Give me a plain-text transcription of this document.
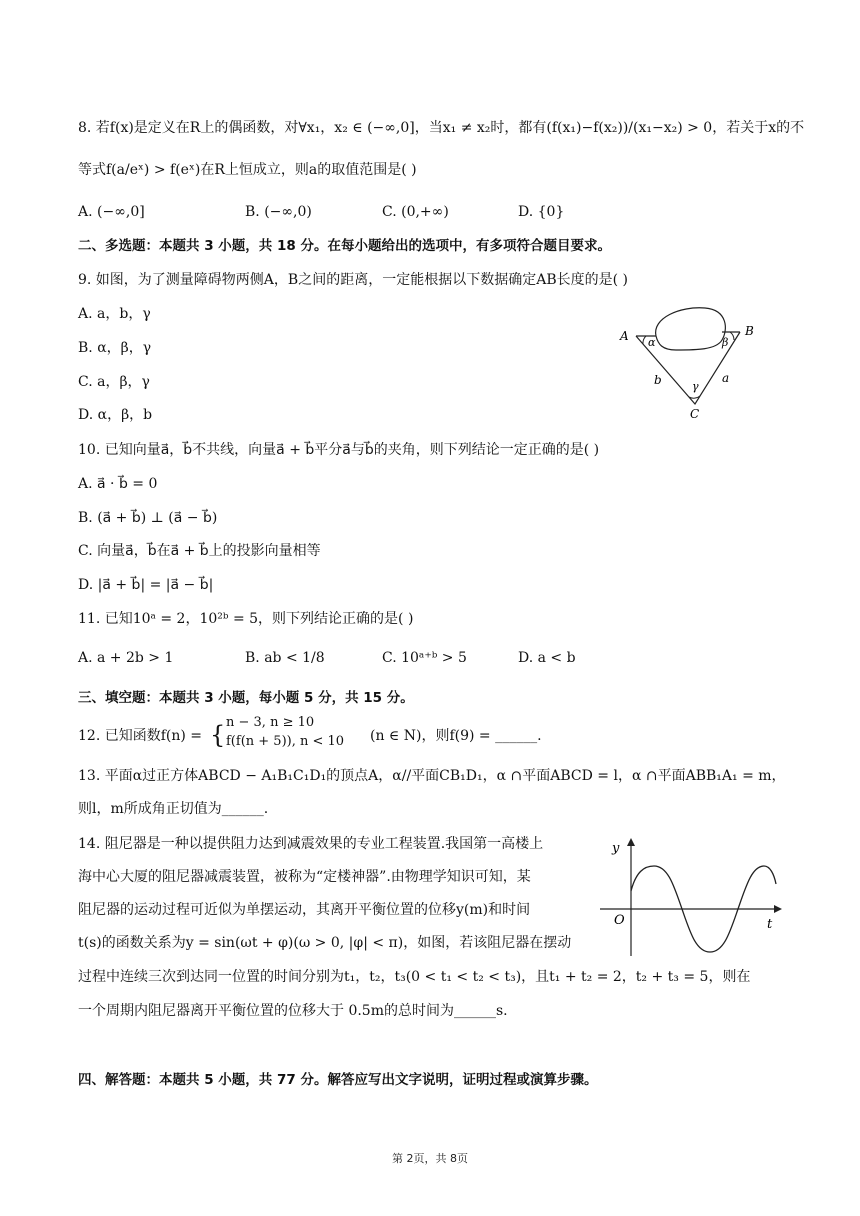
8. 若f(x)是定义在R上的偶函数，对∀x₁，x₂ ∈ (−∞,0]，当x₁ ≠ x₂时，都有(f(x₁)−f(x₂))/(x₁−x₂) > 0，若关于x的不
等式f(a/eˣ) > f(eˣ)在R上恒成立，则a的取值范围是( )
A. (−∞,0]	B. (−∞,0)	C. (0,+∞)	D. {0}
二、多选题：本题共 3 小题，共 18 分。在每小题给出的选项中，有多项符合题目要求。
9. 如图，为了测量障碍物两侧A，B之间的距离，一定能根据以下数据确定AB长度的是( )
A. a，b，γ
B. α，β，γ
C. a，β，γ
D. α，β，b
A	B
C
α	β
γ
a
b
10. 已知向量a⃗，b⃗不共线，向量a⃗ + b⃗平分a⃗与b⃗的夹角，则下列结论一定正确的是( )
A. a⃗ · b⃗ = 0
B. (a⃗ + b⃗) ⊥ (a⃗ − b⃗)
C. 向量a⃗，b⃗在a⃗ + b⃗上的投影向量相等
D. |a⃗ + b⃗| = |a⃗ − b⃗|
11. 已知10ᵃ = 2，10²ᵇ = 5，则下列结论正确的是( )
A. a + 2b > 1	B. ab < 1/8	C. 10ᵃ⁺ᵇ > 5	D. a < b
三、填空题：本题共 3 小题，每小题 5 分，共 15 分。
12. 已知函数f(n) = { n − 3, n ≥ 10
f(f(n + 5)), n < 10 (n ∈ N)，则f(9) = ______.
13. 平面α过正方体ABCD − A₁B₁C₁D₁的顶点A，α//平面CB₁D₁，α ∩平面ABCD = l，α ∩平面ABB₁A₁ = m，
则l，m所成角正切值为______.
14. 阻尼器是一种以提供阻力达到减震效果的专业工程装置.我国第一高楼上
海中心大厦的阻尼器减震装置，被称为“定楼神器”.由物理学知识可知，某
阻尼器的运动过程可近似为单摆运动，其离开平衡位置的位移y(m)和时间
t(s)的函数关系为y = sin(ωt + φ)(ω > 0, |φ| < π)，如图，若该阻尼器在摆动
过程中连续三次到达同一位置的时间分别为t₁，t₂，t₃(0 < t₁ < t₂ < t₃)，且t₁ + t₂ = 2，t₂ + t₃ = 5，则在
一个周期内阻尼器离开平衡位置的位移大于 0.5m的总时间为______s.
y
O	t
四、解答题：本题共 5 小题，共 77 分。解答应写出文字说明，证明过程或演算步骤。
第 2页，共 8页
